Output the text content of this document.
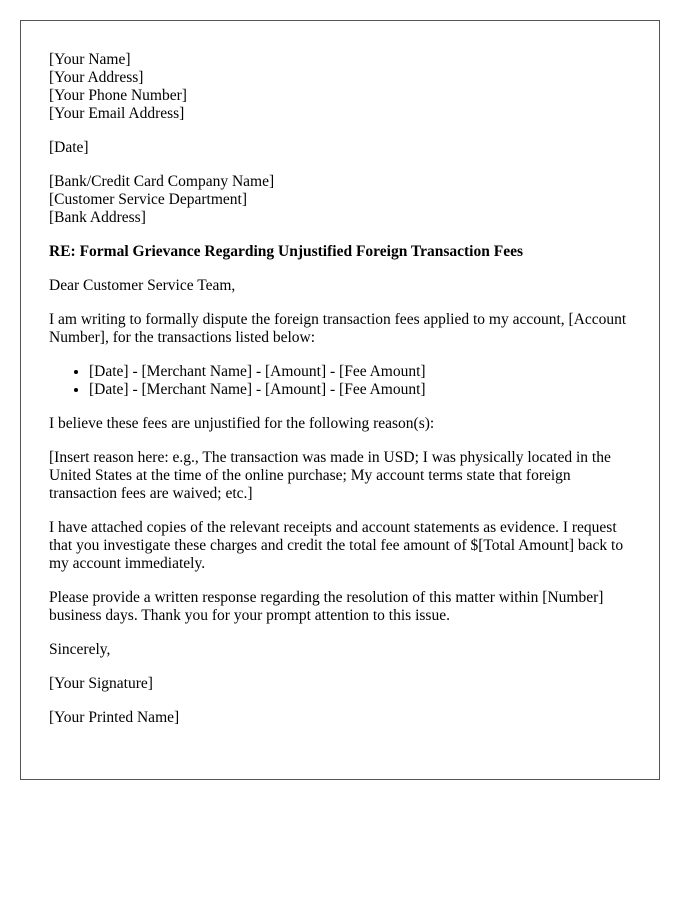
[Your Name]
[Your Address]
[Your Phone Number]
[Your Email Address]
[Date]
[Bank/Credit Card Company Name]
[Customer Service Department]
[Bank Address]
RE: Formal Grievance Regarding Unjustified Foreign Transaction Fees

Dear Customer Service Team,

I am writing to formally dispute the foreign transaction fees applied to my account, [Account Number], for the transactions listed below:

• [Date] - [Merchant Name] - [Amount] - [Fee Amount]
• [Date] - [Merchant Name] - [Amount] - [Fee Amount]

I believe these fees are unjustified for the following reason(s):

[Insert reason here: e.g., The transaction was made in USD; I was physically located in the United States at the time of the online purchase; My account terms state that foreign transaction fees are waived; etc.]

I have attached copies of the relevant receipts and account statements as evidence. I request that you investigate these charges and credit the total fee amount of $[Total Amount] back to my account immediately.

Please provide a written response regarding the resolution of this matter within [Number] business days. Thank you for your prompt attention to this issue.

Sincerely,

[Your Signature]

[Your Printed Name]
